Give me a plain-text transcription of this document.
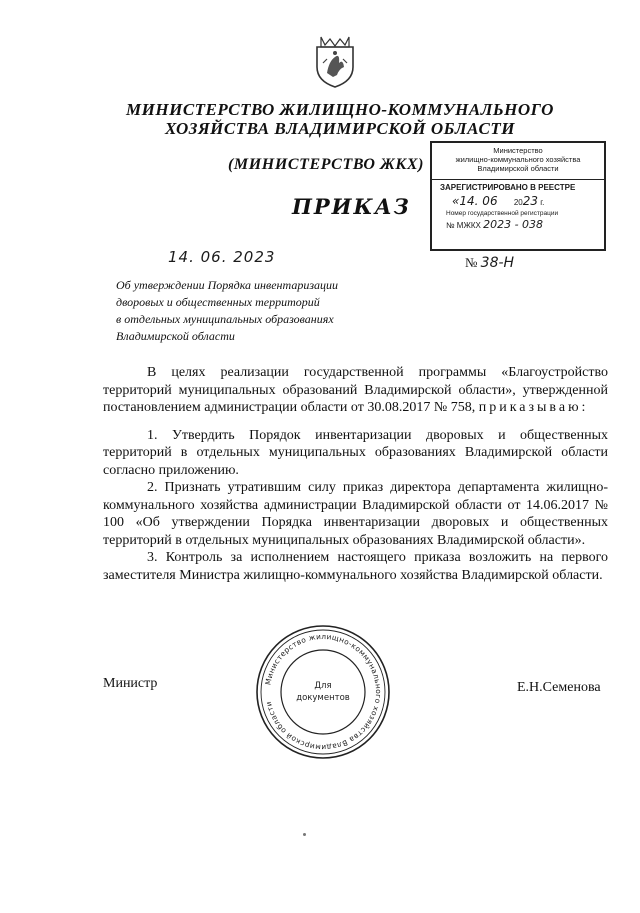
МИНИСТЕРСТВО ЖИЛИЩНО-КОММУНАЛЬНОГО
ХОЗЯЙСТВА ВЛАДИМИРСКОЙ ОБЛАСТИ
(МИНИСТЕРСТВО ЖКХ)
ПРИКАЗ
Министерство
жилищно-коммунального хозяйства
Владимирской области
ЗАРЕГИСТРИРОВАНО В РЕЕСТРЕ
«14. 06 2023 г.
Номер государственной регистрации
№ МЖКХ 2023 - 038
14. 06. 2023	№ 38-Н
Об утверждении Порядка инвентаризации
дворовых и общественных территорий
в отдельных муниципальных образованиях
Владимирской области

В целях реализации государственной программы «Благоустройство территорий муниципальных образований Владимирской области», утвержденной постановлением администрации области от 30.08.2017 № 758, приказываю:

1. Утвердить Порядок инвентаризации дворовых и общественных территорий в отдельных муниципальных образованиях Владимирской области согласно приложению.

2. Признать утратившим силу приказ директора департамента жилищно-коммунального хозяйства администрации Владимирской области от 14.06.2017 № 100 «Об утверждении Порядка инвентаризации дворовых и общественных территорий в отдельных муниципальных образованиях Владимирской области».

3. Контроль за исполнением настоящего приказа возложить на первого заместителя Министра жилищно-коммунального хозяйства Владимирской области.

Министр	Е.Н.Семенова
Министерство жилищно-коммунального хозяйства Владимирской области
Для
документов
